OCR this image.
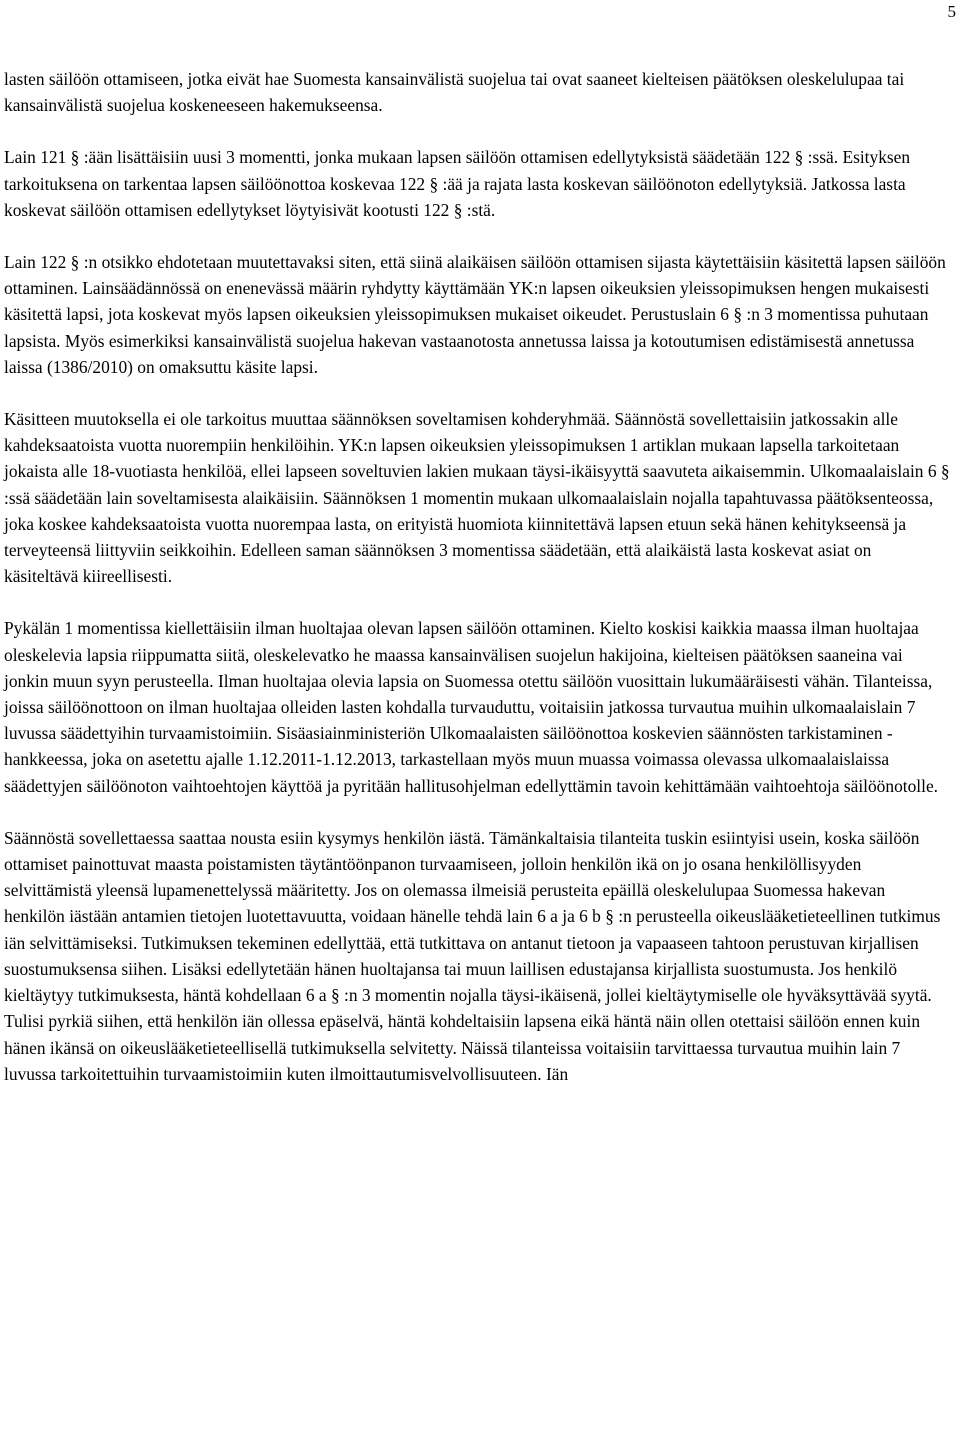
5

lasten säilöön ottamiseen, jotka eivät hae Suomesta kansainvälistä suojelua tai ovat saaneet kielteisen päätöksen oleskelulupaa tai kansainvälistä suojelua koskeneeseen hakemukseensa.

Lain 121 § :ään lisättäisiin uusi 3 momentti, jonka mukaan lapsen säilöön ottamisen edellytyksistä säädetään 122 § :ssä. Esityksen tarkoituksena on tarkentaa lapsen säilöönottoa koskevaa 122 § :ää ja rajata lasta koskevan säilöönoton edellytyksiä. Jatkossa lasta koskevat säilöön ottamisen edellytykset löytyisivät kootusti 122 § :stä.

Lain 122 § :n otsikko ehdotetaan muutettavaksi siten, että siinä alaikäisen säilöön ottamisen sijasta käytettäisiin käsitettä lapsen säilöön ottaminen. Lainsäädännössä on enenevässä määrin ryhdytty käyttämään YK:n lapsen oikeuksien yleissopimuksen hengen mukaisesti käsitettä lapsi, jota koskevat myös lapsen oikeuksien yleissopimuksen mukaiset oikeudet. Perustuslain 6 § :n 3 momentissa puhutaan lapsista. Myös esimerkiksi kansainvälistä suojelua hakevan vastaanotosta annetussa laissa ja kotoutumisen edistämisestä annetussa laissa (1386/2010) on omaksuttu käsite lapsi.

Käsitteen muutoksella ei ole tarkoitus muuttaa säännöksen soveltamisen kohderyhmää. Säännöstä sovellettaisiin jatkossakin alle kahdeksaatoista vuotta nuorempiin henkilöihin. YK:n lapsen oikeuksien yleissopimuksen 1 artiklan mukaan lapsella tarkoitetaan jokaista alle 18-vuotiasta henkilöä, ellei lapseen soveltuvien lakien mukaan täysi-ikäisyyttä saavuteta aikaisemmin. Ulkomaalaislain 6 § :ssä säädetään lain soveltamisesta alaikäisiin. Säännöksen 1 momentin mukaan ulkomaalaislain nojalla tapahtuvassa päätöksenteossa, joka koskee kahdeksaatoista vuotta nuorempaa lasta, on erityistä huomiota kiinnitettävä lapsen etuun sekä hänen kehitykseensä ja terveyteensä liittyviin seikkoihin. Edelleen saman säännöksen 3 momentissa säädetään, että alaikäistä lasta koskevat asiat on käsiteltävä kiireellisesti.

Pykälän 1 momentissa kiellettäisiin ilman huoltajaa olevan lapsen säilöön ottaminen. Kielto koskisi kaikkia maassa ilman huoltajaa oleskelevia lapsia riippumatta siitä, oleskelevatko he maassa kansainvälisen suojelun hakijoina, kielteisen päätöksen saaneina vai jonkin muun syyn perusteella. Ilman huoltajaa olevia lapsia on Suomessa otettu säilöön vuosittain lukumääräisesti vähän. Tilanteissa, joissa säilöönottoon on ilman huoltajaa olleiden lasten kohdalla turvauduttu, voitaisiin jatkossa turvautua muihin ulkomaalaislain 7 luvussa säädettyihin turvaamistoimiin. Sisäasiainministeriön Ulkomaalaisten säilöönottoa koskevien säännösten tarkistaminen - hankkeessa, joka on asetettu ajalle 1.12.2011-1.12.2013, tarkastellaan myös muun muassa voimassa olevassa ulkomaalaislaissa säädettyjen säilöönoton vaihtoehtojen käyttöä ja pyritään hallitusohjelman edellyttämin tavoin kehittämään vaihtoehtoja säilöönotolle.

Säännöstä sovellettaessa saattaa nousta esiin kysymys henkilön iästä. Tämänkaltaisia tilanteita tuskin esiintyisi usein, koska säilöön ottamiset painottuvat maasta poistamisten täytäntöönpanon turvaamiseen, jolloin henkilön ikä on jo osana henkilöllisyyden selvittämistä yleensä lupamenettelyssä määritetty. Jos on olemassa ilmeisiä perusteita epäillä oleskelulupaa Suomessa hakevan henkilön iästään antamien tietojen luotettavuutta, voidaan hänelle tehdä lain 6 a ja 6 b § :n perusteella oikeuslääketieteellinen tutkimus iän selvittämiseksi. Tutkimuksen tekeminen edellyttää, että tutkittava on antanut tietoon ja vapaaseen tahtoon perustuvan kirjallisen suostumuksensa siihen. Lisäksi edellytetään hänen huoltajansa tai muun laillisen edustajansa kirjallista suostumusta. Jos henkilö kieltäytyy tutkimuksesta, häntä kohdellaan 6 a § :n 3 momentin nojalla täysi-ikäisenä, jollei kieltäytymiselle ole hyväksyttävää syytä. Tulisi pyrkiä siihen, että henkilön iän ollessa epäselvä, häntä kohdeltaisiin lapsena eikä häntä näin ollen otettaisi säilöön ennen kuin hänen ikänsä on oikeuslääketieteellisellä tutkimuksella selvitetty. Näissä tilanteissa voitaisiin tarvittaessa turvautua muihin lain 7 luvussa tarkoitettuihin turvaamistoimiin kuten ilmoittautumisvelvollisuuteen. Iän
